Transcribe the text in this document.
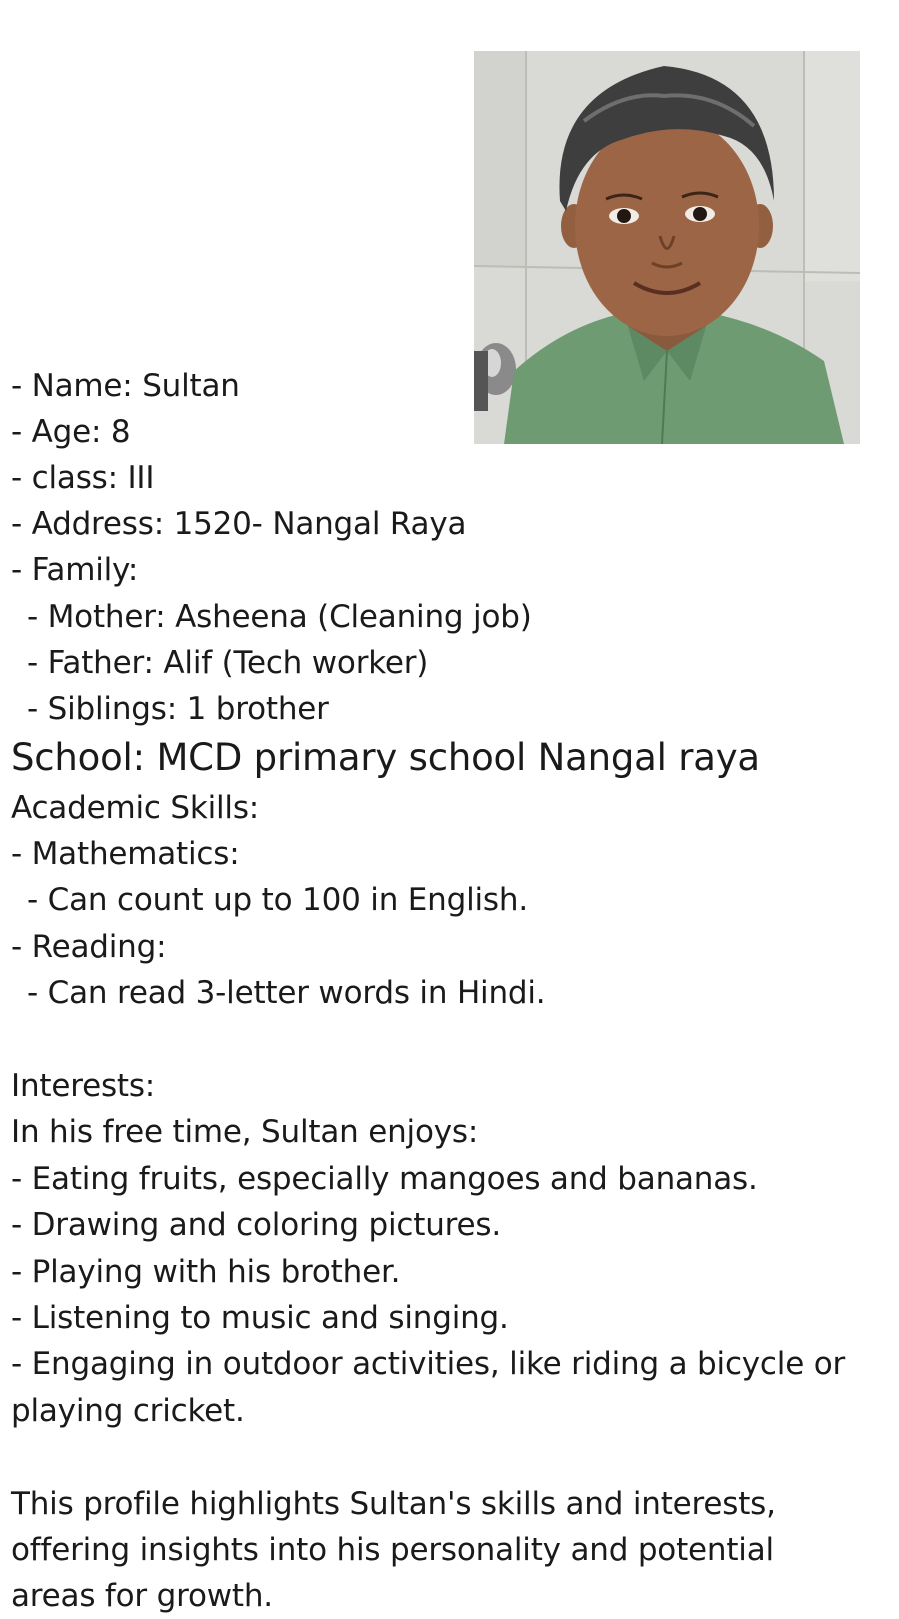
- Name: Sultan
- Age: 8
- class: III
- Address: 1520- Nangal Raya
- Family:
- Mother: Asheena (Cleaning job)
- Father: Alif (Tech worker)
- Siblings: 1 brother
School: MCD primary school Nangal raya
Academic Skills:
- Mathematics:
- Can count up to 100 in English.
- Reading:
- Can read 3-letter words in Hindi.
Interests:
In his free time, Sultan enjoys:
- Eating fruits, especially mangoes and bananas.
- Drawing and coloring pictures.
- Playing with his brother.
- Listening to music and singing.
- Engaging in outdoor activities, like riding a bicycle or
playing cricket.
This profile highlights Sultan's skills and interests,
offering insights into his personality and potential
areas for growth.
